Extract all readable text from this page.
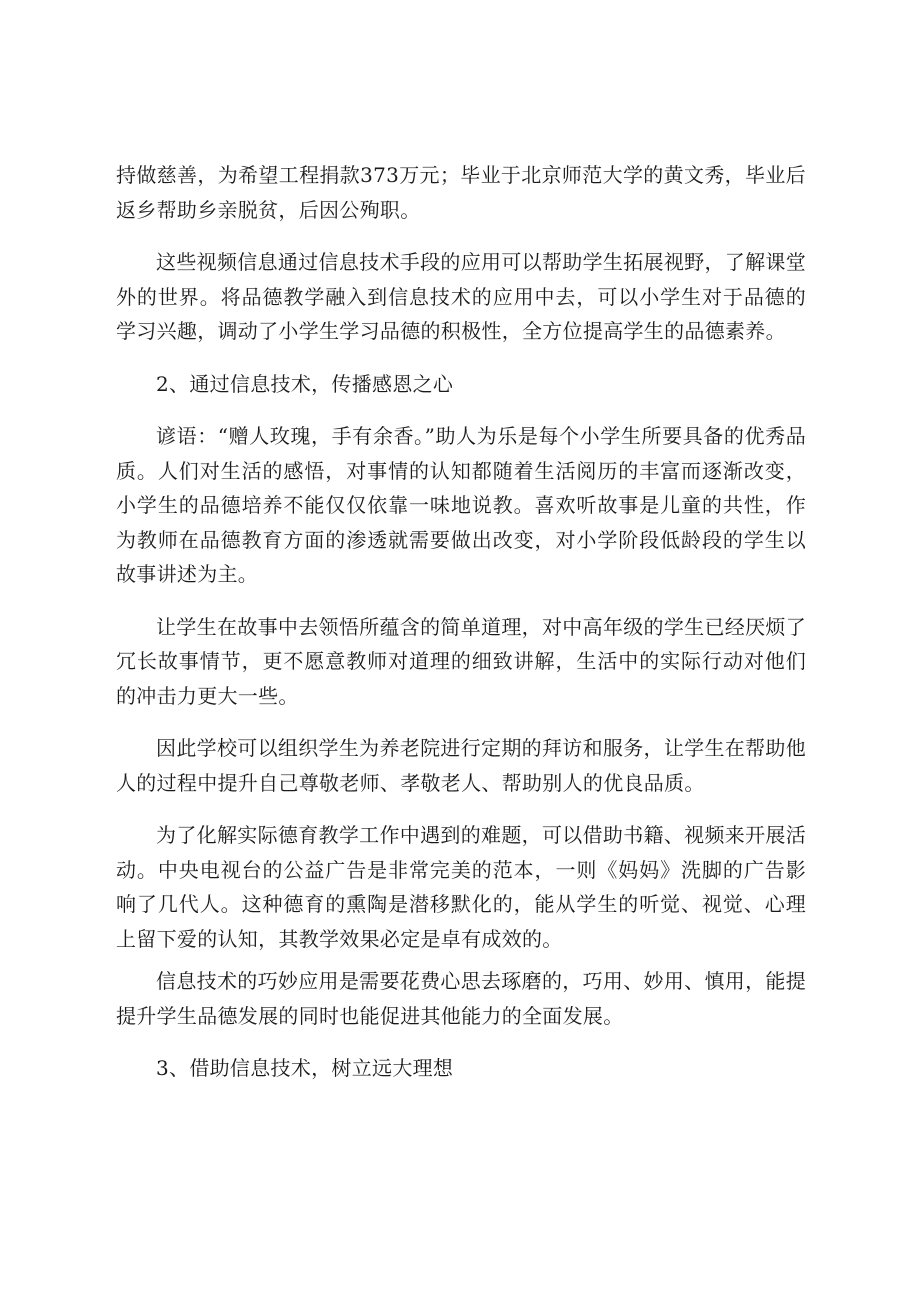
持做慈善，为希望工程捐款373万元；毕业于北京师范大学的黄文秀，毕业后返乡帮助乡亲脱贫，后因公殉职。

这些视频信息通过信息技术手段的应用可以帮助学生拓展视野，了解课堂外的世界。将品德教学融入到信息技术的应用中去，可以小学生对于品德的学习兴趣，调动了小学生学习品德的积极性，全方位提高学生的品德素养。

2、通过信息技术，传播感恩之心

谚语：“赠人玫瑰，手有余香。”助人为乐是每个小学生所要具备的优秀品质。人们对生活的感悟，对事情的认知都随着生活阅历的丰富而逐渐改变，小学生的品德培养不能仅仅依靠一味地说教。喜欢听故事是儿童的共性，作为教师在品德教育方面的渗透就需要做出改变，对小学阶段低龄段的学生以故事讲述为主。

让学生在故事中去领悟所蕴含的简单道理，对中高年级的学生已经厌烦了冗长故事情节，更不愿意教师对道理的细致讲解，生活中的实际行动对他们的冲击力更大一些。

因此学校可以组织学生为养老院进行定期的拜访和服务，让学生在帮助他人的过程中提升自己尊敬老师、孝敬老人、帮助别人的优良品质。

为了化解实际德育教学工作中遇到的难题，可以借助书籍、视频来开展活动。中央电视台的公益广告是非常完美的范本，一则《妈妈》洗脚的广告影响了几代人。这种德育的熏陶是潜移默化的，能从学生的听觉、视觉、心理上留下爱的认知，其教学效果必定是卓有成效的。

信息技术的巧妙应用是需要花费心思去琢磨的，巧用、妙用、慎用，能提提升学生品德发展的同时也能促进其他能力的全面发展。

3、借助信息技术，树立远大理想
